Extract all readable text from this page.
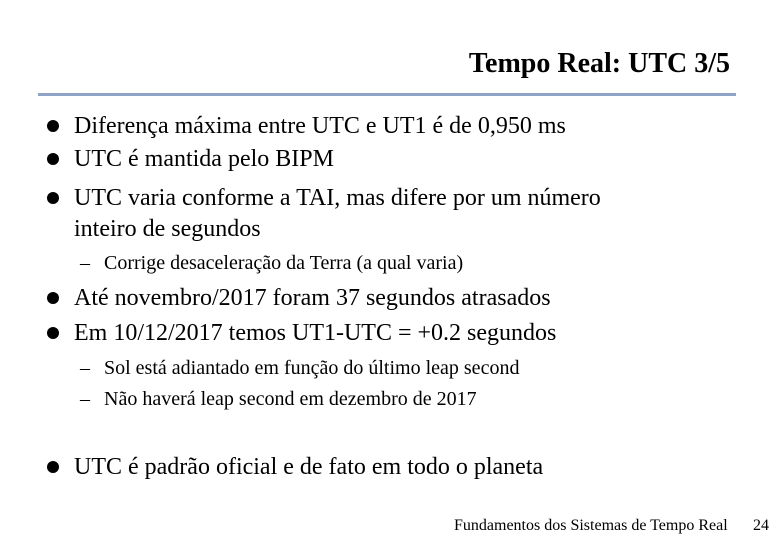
Tempo Real: UTC 3/5
Diferença máxima entre UTC e UT1 é de 0,950 ms
UTC é mantida pelo BIPM
UTC varia conforme a TAI, mas difere por um número
inteiro de segundos
– Corrige desaceleração da Terra (a qual varia)
Até novembro/2017 foram 37 segundos atrasados
Em 10/12/2017 temos UT1-UTC = +0.2 segundos
– Sol está adiantado em função do último leap second
– Não haverá leap second em dezembro de 2017
UTC é padrão oficial e de fato em todo o planeta
Fundamentos dos Sistemas de Tempo Real 24
